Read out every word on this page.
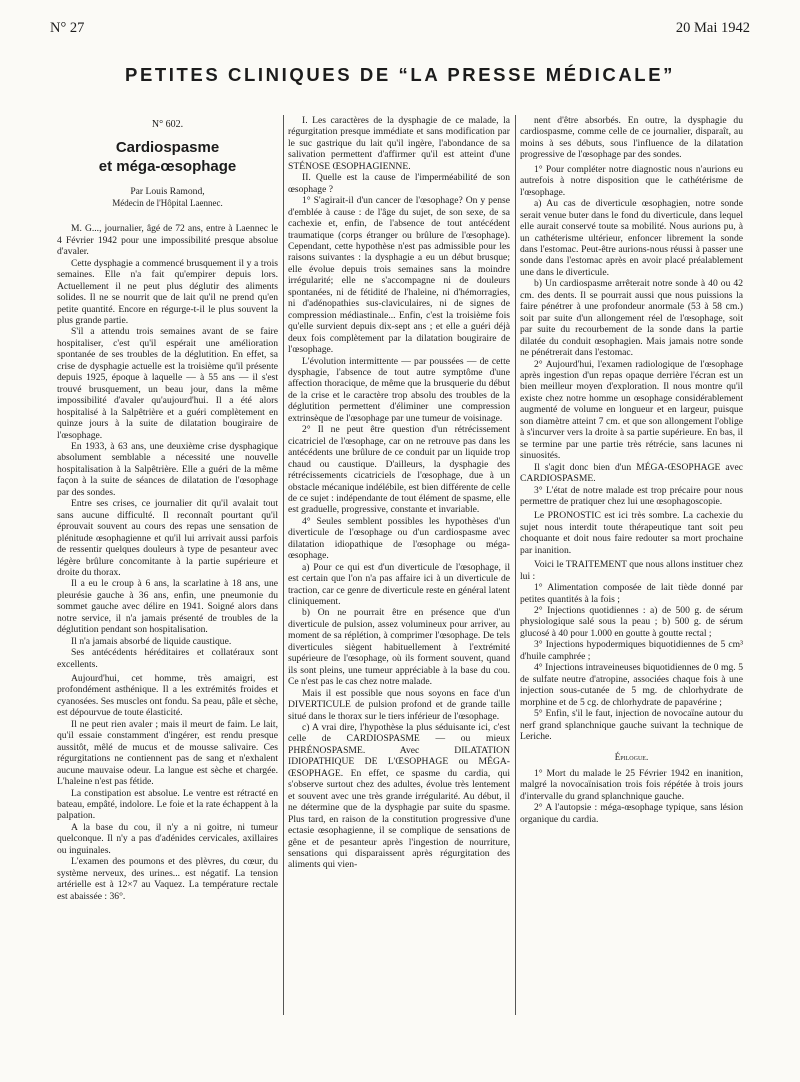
N° 27	20 Mai 1942
PETITES CLINIQUES DE “LA PRESSE MÉDICALE”

N° 602.

Cardiospasme
et méga-œsophage

Par Louis Ramond,

Médecin de l'Hôpital Laennec.

M. G..., journalier, âgé de 72 ans, entre à Laennec le 4 Février 1942 pour une impossibilité presque absolue d'avaler.

Cette dysphagie a commencé brusquement il y a trois semaines. Elle n'a fait qu'empirer depuis lors. Actuellement il ne peut plus déglutir des aliments solides. Il ne se nourrit que de lait qu'il ne prend qu'en petite quantité. Encore en régurge-t-il le plus souvent la plus grande partie.

S'il a attendu trois semaines avant de se faire hospitaliser, c'est qu'il espérait une amélioration spontanée de ses troubles de la déglutition. En effet, sa crise de dysphagie actuelle est la troisième qu'il présente depuis 1925, époque à laquelle — à 55 ans — il s'est trouvé brusquement, un beau jour, dans la même impossibilité d'avaler qu'aujourd'hui. Il a été alors hospitalisé à la Salpêtrière et a guéri complètement en quinze jours à la suite de dilatation bougiraire de l'œsophage.

En 1933, à 63 ans, une deuxième crise dysphagique absolument semblable a nécessité une nouvelle hospitalisation à la Salpêtrière. Elle a guéri de la même façon à la suite de séances de dilatation de l'œsophage par des sondes.

Entre ses crises, ce journalier dit qu'il avalait tout sans aucune difficulté. Il reconnaît pourtant qu'il éprouvait souvent au cours des repas une sensation de plénitude œsophagienne et qu'il lui arrivait aussi parfois de ressentir quelques douleurs à type de pesanteur avec légère brûlure concomitante à la partie supérieure et droite du thorax.

Il a eu le croup à 6 ans, la scarlatine à 18 ans, une pleurésie gauche à 36 ans, enfin, une pneumonie du sommet gauche avec délire en 1941. Soigné alors dans notre service, il n'a jamais présenté de troubles de la déglutition pendant son hospitalisation.

Il n'a jamais absorbé de liquide caustique.

Ses antécédents héréditaires et collatéraux sont excellents.

Aujourd'hui, cet homme, très amaigri, est profondément asthénique. Il a les extrémités froides et cyanosées. Ses muscles ont fondu. Sa peau, pâle et sèche, est dépourvue de toute élasticité.

Il ne peut rien avaler ; mais il meurt de faim. Le lait, qu'il essaie constamment d'ingérer, est rendu presque aussitôt, mêlé de mucus et de mousse salivaire. Ces régurgitations ne contiennent pas de sang et n'exhalent aucune mauvaise odeur. La langue est sèche et chargée. L'haleine n'est pas fétide.

La constipation est absolue. Le ventre est rétracté en bateau, empâté, indolore. Le foie et la rate échappent à la palpation.

A la base du cou, il n'y a ni goitre, ni tumeur quelconque. Il n'y a pas d'adénides cervicales, axillaires ou inguinales.

L'examen des poumons et des plèvres, du cœur, du système nerveux, des urines... est négatif. La tension artérielle est à 12×7 au Vaquez. La température rectale est abaissée : 36°.

I. Les caractères de la dysphagie de ce malade, la régurgitation presque immédiate et sans modification par le suc gastrique du lait qu'il ingère, l'abondance de sa salivation permettent d'affirmer qu'il est atteint d'une STÉNOSE ŒSOPHAGIENNE.

II. Quelle est la cause de l'imperméabilité de son œsophage ?

1° S'agirait-il d'un cancer de l'œsophage? On y pense d'emblée à cause : de l'âge du sujet, de son sexe, de sa cachexie et, enfin, de l'absence de tout antécédent traumatique (corps étranger ou brûlure de l'œsophage). Cependant, cette hypothèse n'est pas admissible pour les raisons suivantes : la dysphagie a eu un début brusque; elle évolue depuis trois semaines sans la moindre irrégularité; elle ne s'accompagne ni de douleurs spontanées, ni de fétidité de l'haleine, ni d'hémorragies, ni d'adénopathies sus-claviculaires, ni de signes de compression médiastinale... Enfin, c'est la troisième fois qu'elle survient depuis dix-sept ans ; et elle a guéri déjà deux fois complètement par la dilatation bougiraire de l'œsophage.

L'évolution intermittente — par poussées — de cette dysphagie, l'absence de tout autre symptôme d'une affection thoracique, de même que la brusquerie du début de la crise et le caractère trop absolu des troubles de la déglutition permettent d'éliminer une compression extrinsèque de l'œsophage par une tumeur de voisinage.

2° Il ne peut être question d'un rétrécissement cicatriciel de l'œsophage, car on ne retrouve pas dans les antécédents une brûlure de ce conduit par un liquide trop chaud ou caustique. D'ailleurs, la dysphagie des rétrécissements cicatriciels de l'œsophage, due à un obstacle mécanique indélébile, est bien différente de celle de ce sujet : indépendante de tout élément de spasme, elle est graduelle, progressive, constante et invariable.

4° Seules semblent possibles les hypothèses d'un diverticule de l'œsophage ou d'un cardiospasme avec dilatation idiopathique de l'œsophage ou méga-œsophage.

a) Pour ce qui est d'un diverticule de l'œsophage, il est certain que l'on n'a pas affaire ici à un diverticule de traction, car ce genre de diverticule reste en général latent cliniquement.

b) On ne pourrait être en présence que d'un diverticule de pulsion, assez volumineux pour arriver, au moment de sa réplétion, à comprimer l'œsophage. De tels diverticules siègent habituellement à l'extrémité supérieure de l'œsophage, où ils forment souvent, quand ils sont pleins, une tumeur appréciable à la base du cou. Ce n'est pas le cas chez notre malade.

Mais il est possible que nous soyons en face d'un DIVERTICULE de pulsion profond et de grande taille situé dans le thorax sur le tiers inférieur de l'œsophage.

c) A vrai dire, l'hypothèse la plus séduisante ici, c'est celle de CARDIOSPASME — ou mieux PHRÉNOSPASME. Avec DILATATION IDIOPATHIQUE DE L'ŒSOPHAGE ou MÉGA-ŒSOPHAGE. En effet, ce spasme du cardia, qui s'observe surtout chez des adultes, évolue très lentement et souvent avec une très grande irrégularité. Au début, il ne détermine que de la dysphagie par suite du spasme. Plus tard, en raison de la constitution progressive d'une ectasie œsophagienne, il se complique de sensations de gêne et de pesanteur après l'ingestion de nourriture, sensations qui disparaissent après régurgitation des aliments qui vien-

nent d'être absorbés. En outre, la dysphagie du cardiospasme, comme celle de ce journalier, disparaît, au moins à ses débuts, sous l'influence de la dilatation progressive de l'œsophage par des sondes.

1° Pour compléter notre diagnostic nous n'aurions eu autrefois à notre disposition que le cathétérisme de l'œsophage.

a) Au cas de diverticule œsophagien, notre sonde serait venue buter dans le fond du diverticule, dans lequel elle aurait conservé toute sa mobilité. Nous aurions pu, à un cathéterisme ultérieur, enfoncer librement la sonde dans l'estomac. Peut-être aurions-nous réussi à passer une sonde dans l'estomac après en avoir placé préalablement une dans le diverticule.

b) Un cardiospasme arrêterait notre sonde à 40 ou 42 cm. des dents. Il se pourrait aussi que nous puissions la faire pénétrer à une profondeur anormale (53 à 58 cm.) soit par suite d'un allongement réel de l'œsophage, soit par suite du recourbement de la sonde dans la partie dilatée du conduit œsophagien. Mais jamais notre sonde ne pénétrerait dans l'estomac.

2° Aujourd'hui, l'examen radiologique de l'œsophage après ingestion d'un repas opaque derrière l'écran est un bien meilleur moyen d'exploration. Il nous montre qu'il existe chez notre homme un œsophage considérablement augmenté de volume en longueur et en largeur, puisque son diamètre atteint 7 cm. et que son allongement l'oblige à s'incurver vers la droite à sa partie supérieure. En bas, il se termine par une partie très rétrécie, sans lacunes ni sinuosités.

Il s'agit donc bien d'un MÉGA-ŒSOPHAGE avec CARDIOSPASME.

3° L'état de notre malade est trop précaire pour nous permettre de pratiquer chez lui une œsophagoscopie.

Le PRONOSTIC est ici très sombre. La cachexie du sujet nous interdit toute thérapeutique tant soit peu choquante et doit nous faire redouter sa mort prochaine par inanition.

Voici le TRAITEMENT que nous allons instituer chez lui :

1° Alimentation composée de lait tiède donné par petites quantités à la fois ;

2° Injections quotidiennes : a) de 500 g. de sérum physiologique salé sous la peau ; b) 500 g. de sérum glucosé à 40 pour 1.000 en goutte à goutte rectal ;

3° Injections hypodermiques biquotidiennes de 5 cm³ d'huile camphrée ;

4° Injections intraveineuses biquotidiennes de 0 mg. 5 de sulfate neutre d'atropine, associées chaque fois à une injection sous-cutanée de 5 mg. de chlorhydrate de morphine et de 5 cg. de chlorhydrate de papavérine ;

5° Enfin, s'il le faut, injection de novocaïne autour du nerf grand splanchnique gauche suivant la technique de Leriche.

Épilogue.

1° Mort du malade le 25 Février 1942 en inanition, malgré la novocaïnisation trois fois répétée à trois jours d'intervalle du grand splanchnique gauche.

2° A l'autopsie : méga-œsophage typique, sans lésion organique du cardia.
